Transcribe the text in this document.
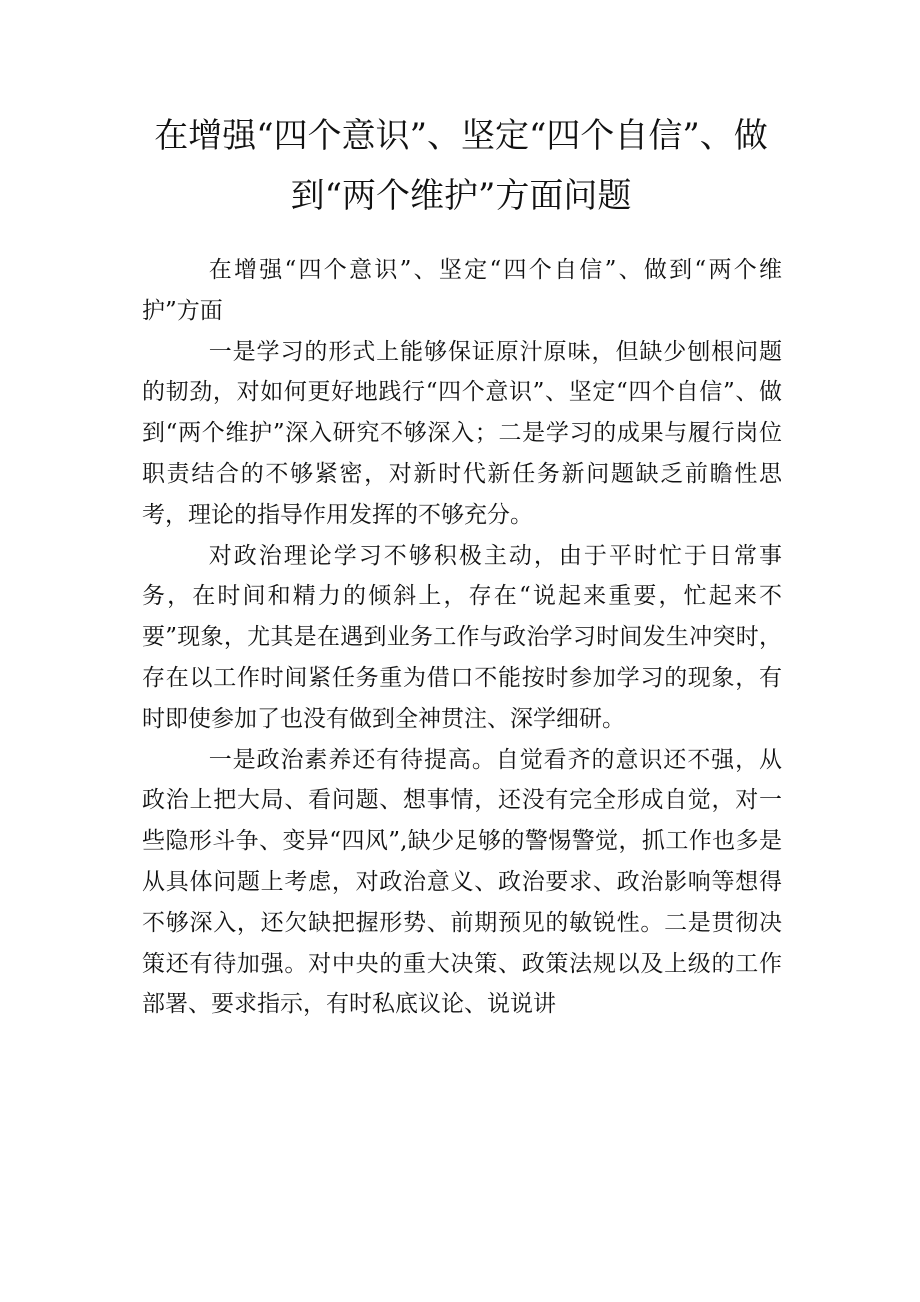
在增强“四个意识”、坚定“四个自信”、做到“两个维护”方面问题

在增强“四个意识”、坚定“四个自信”、做到“两个维护”方面

一是学习的形式上能够保证原汁原味，但缺少刨根问题的韧劲，对如何更好地践行“四个意识”、坚定“四个自信”、做到“两个维护”深入研究不够深入；二是学习的成果与履行岗位职责结合的不够紧密，对新时代新任务新问题缺乏前瞻性思考，理论的指导作用发挥的不够充分。

对政治理论学习不够积极主动，由于平时忙于日常事务，在时间和精力的倾斜上，存在“说起来重要，忙起来不要”现象，尤其是在遇到业务工作与政治学习时间发生冲突时，存在以工作时间紧任务重为借口不能按时参加学习的现象，有时即使参加了也没有做到全神贯注、深学细研。

一是政治素养还有待提高。自觉看齐的意识还不强，从政治上把大局、看问题、想事情，还没有完全形成自觉，对一些隐形斗争、变异“四风”,缺少足够的警惕警觉，抓工作也多是从具体问题上考虑，对政治意义、政治要求、政治影响等想得不够深入，还欠缺把握形势、前期预见的敏锐性。二是贯彻决策还有待加强。对中央的重大决策、政策法规以及上级的工作部署、要求指示，有时私底议论、说说讲
